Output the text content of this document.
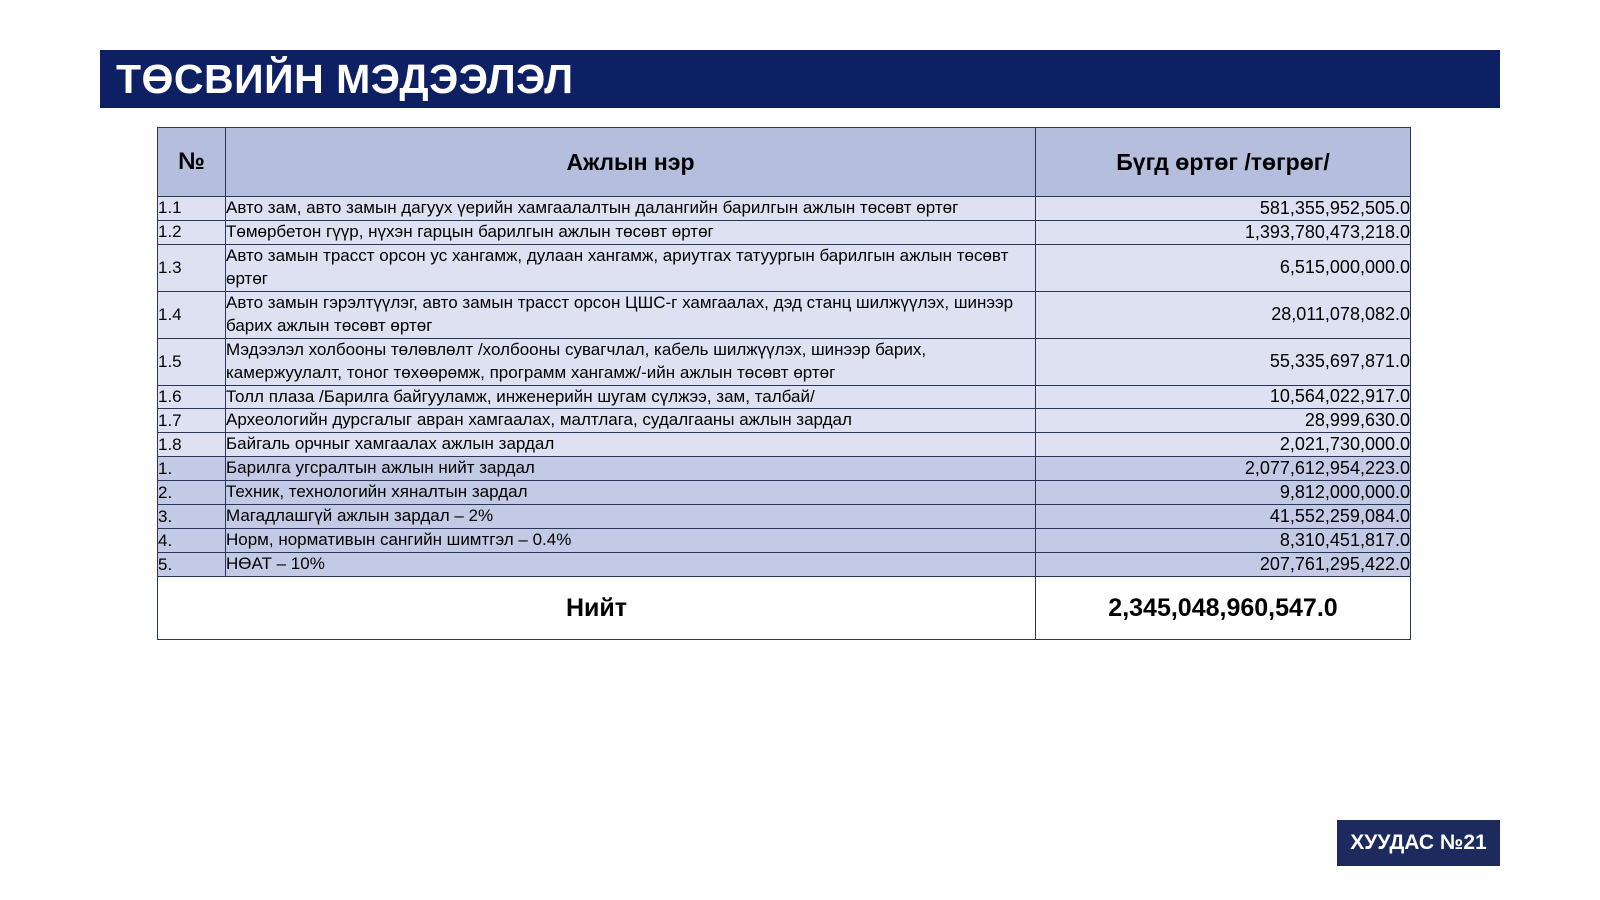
ТӨСВИЙН МЭДЭЭЛЭЛ
№	Ажлын нэр	Бүгд өртөг /төгрөг/
1.1	Авто зам, авто замын дагуух үерийн хамгаалалтын далангийн барилгын ажлын төсөвт өртөг	581,355,952,505.0
1.2	Төмөрбетон гүүр, нүхэн гарцын барилгын ажлын төсөвт өртөг	1,393,780,473,218.0
1.3	Авто замын трасст орсон ус хангамж, дулаан хангамж, ариутгах татуургын барилгын ажлын төсөвт өртөг	6,515,000,000.0
1.4	Авто замын гэрэлтүүлэг, авто замын трасст орсон ЦШС-г хамгаалах, дэд станц шилжүүлэх, шинээр барих ажлын төсөвт өртөг	28,011,078,082.0
1.5	Мэдээлэл холбооны төлөвлөлт /холбооны сувагчлал, кабель шилжүүлэх, шинээр барих, камержуулалт, тоног төхөөрөмж, программ хангамж/-ийн ажлын төсөвт өртөг	55,335,697,871.0
1.6	Толл плаза /Барилга байгууламж, инженерийн шугам сүлжээ, зам, талбай/	10,564,022,917.0
1.7	Археологийн дурсгалыг авран хамгаалах, малтлага, судалгааны ажлын зардал	28,999,630.0
1.8	Байгаль орчныг хамгаалах ажлын зардал	2,021,730,000.0
1.	Барилга угсралтын ажлын нийт зардал	2,077,612,954,223.0
2.	Техник, технологийн хяналтын зардал	9,812,000,000.0
3.	Магадлашгүй ажлын зардал – 2%	41,552,259,084.0
4.	Норм, нормативын сангийн шимтгэл – 0.4%	8,310,451,817.0
5.	НӨАТ – 10%	207,761,295,422.0
Нийт		2,345,048,960,547.0
ХУУДАС №21
